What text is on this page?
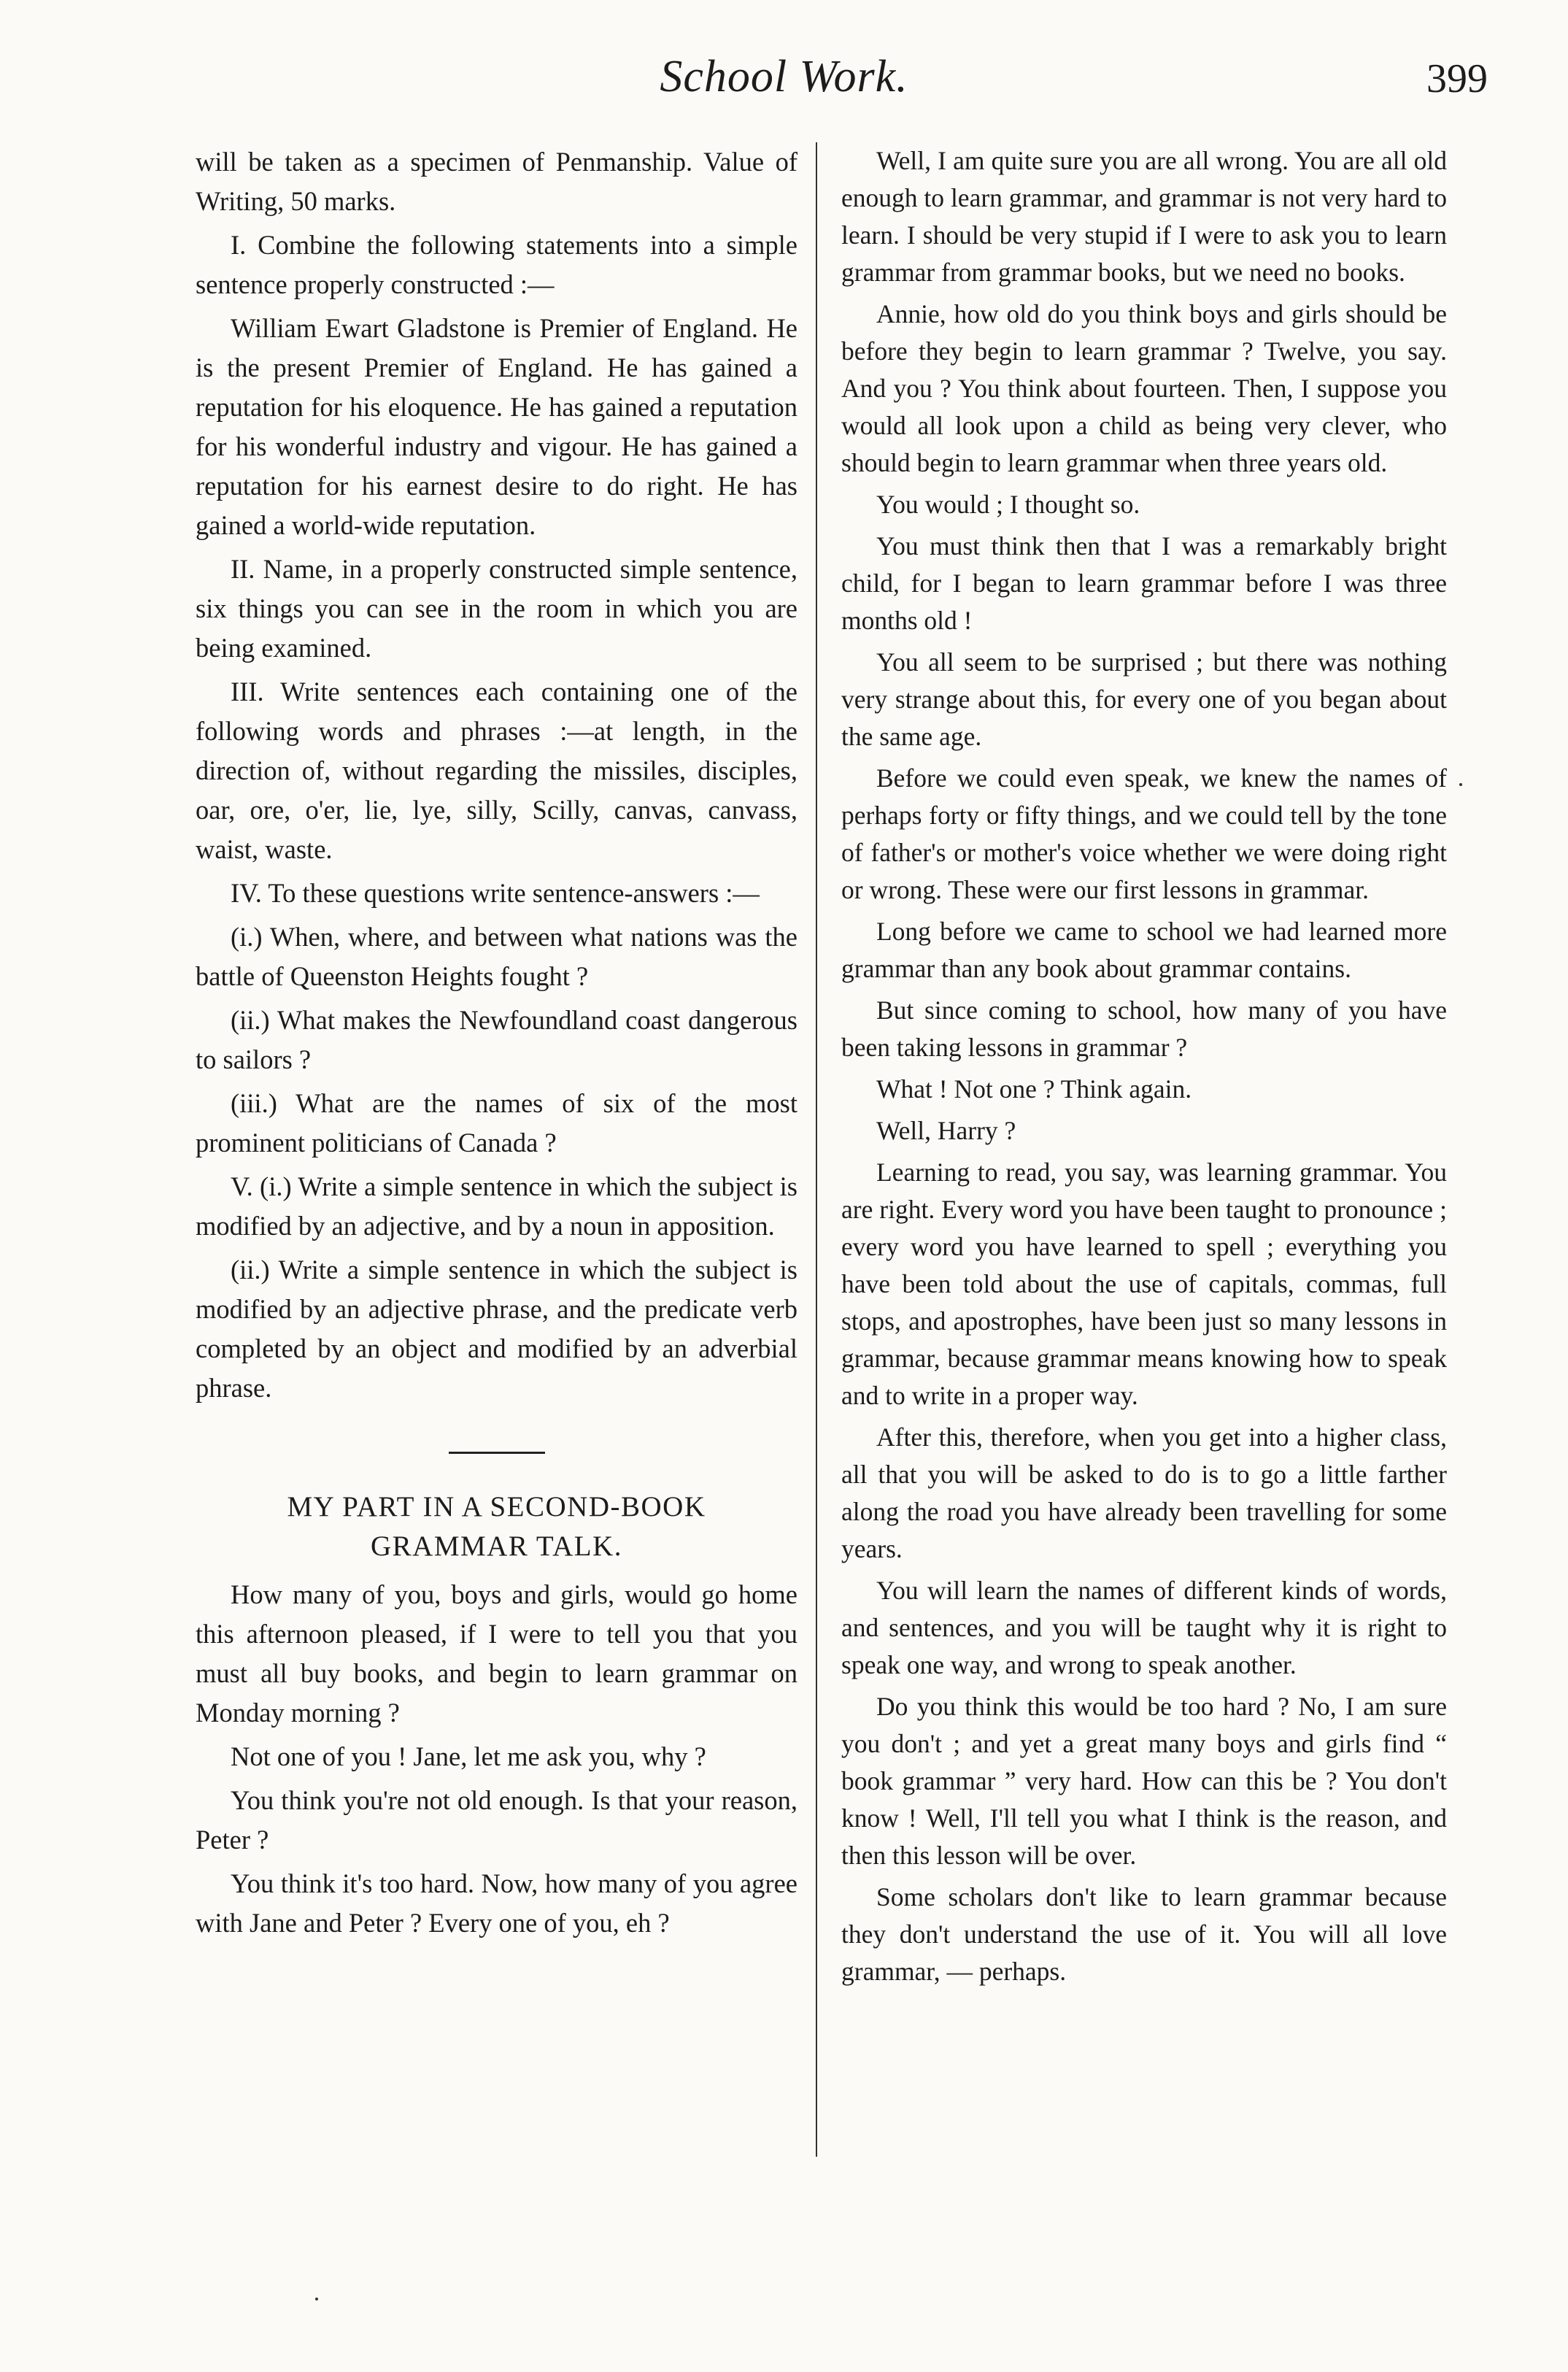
School Work.	399

will be taken as a specimen of Penmanship. Value of Writing, 50 marks.

I. Combine the following statements into a simple sentence properly constructed :—

William Ewart Gladstone is Premier of England. He is the present Premier of England. He has gained a reputation for his eloquence. He has gained a reputation for his wonderful industry and vigour. He has gained a reputation for his earnest desire to do right. He has gained a world-wide reputation.

II. Name, in a properly constructed simple sentence, six things you can see in the room in which you are being examined.

III. Write sentences each containing one of the following words and phrases :—at length, in the direction of, without regarding the missiles, disciples, oar, ore, o'er, lie, lye, silly, Scilly, canvas, canvass, waist, waste.

IV. To these questions write sentence-answers :—

(i.) When, where, and between what nations was the battle of Queenston Heights fought ?

(ii.) What makes the Newfoundland coast dangerous to sailors ?

(iii.) What are the names of six of the most prominent politicians of Canada ?

V. (i.) Write a simple sentence in which the subject is modified by an adjective, and by a noun in apposition.

(ii.) Write a simple sentence in which the subject is modified by an adjective phrase, and the predicate verb completed by an object and modified by an adverbial phrase.

MY PART IN A SECOND-BOOK
GRAMMAR TALK.

How many of you, boys and girls, would go home this afternoon pleased, if I were to tell you that you must all buy books, and begin to learn grammar on Monday morning ?

Not one of you ! Jane, let me ask you, why ?

You think you're not old enough. Is that your reason, Peter ?

You think it's too hard. Now, how many of you agree with Jane and Peter ? Every one of you, eh ?

Well, I am quite sure you are all wrong. You are all old enough to learn grammar, and grammar is not very hard to learn. I should be very stupid if I were to ask you to learn grammar from grammar books, but we need no books.

Annie, how old do you think boys and girls should be before they begin to learn grammar ? Twelve, you say. And you ? You think about fourteen. Then, I suppose you would all look upon a child as being very clever, who should begin to learn grammar when three years old.

You would ; I thought so.

You must think then that I was a remarkably bright child, for I began to learn grammar before I was three months old !

You all seem to be surprised ; but there was nothing very strange about this, for every one of you began about the same age.

Before we could even speak, we knew the names of perhaps forty or fifty things, and we could tell by the tone of father's or mother's voice whether we were doing right or wrong. These were our first lessons in grammar.

Long before we came to school we had learned more grammar than any book about grammar contains.

But since coming to school, how many of you have been taking lessons in grammar ?

What ! Not one ? Think again.

Well, Harry ?

Learning to read, you say, was learning grammar. You are right. Every word you have been taught to pronounce ; every word you have learned to spell ; everything you have been told about the use of capitals, commas, full stops, and apostrophes, have been just so many lessons in grammar, because grammar means knowing how to speak and to write in a proper way.

After this, therefore, when you get into a higher class, all that you will be asked to do is to go a little farther along the road you have already been travelling for some years.

You will learn the names of different kinds of words, and sentences, and you will be taught why it is right to speak one way, and wrong to speak another.

Do you think this would be too hard ? No, I am sure you don't ; and yet a great many boys and girls find “ book grammar ” very hard. How can this be ? You don't know ! Well, I'll tell you what I think is the reason, and then this lesson will be over.

Some scholars don't like to learn grammar because they don't understand the use of it. You will all love grammar, — perhaps.
